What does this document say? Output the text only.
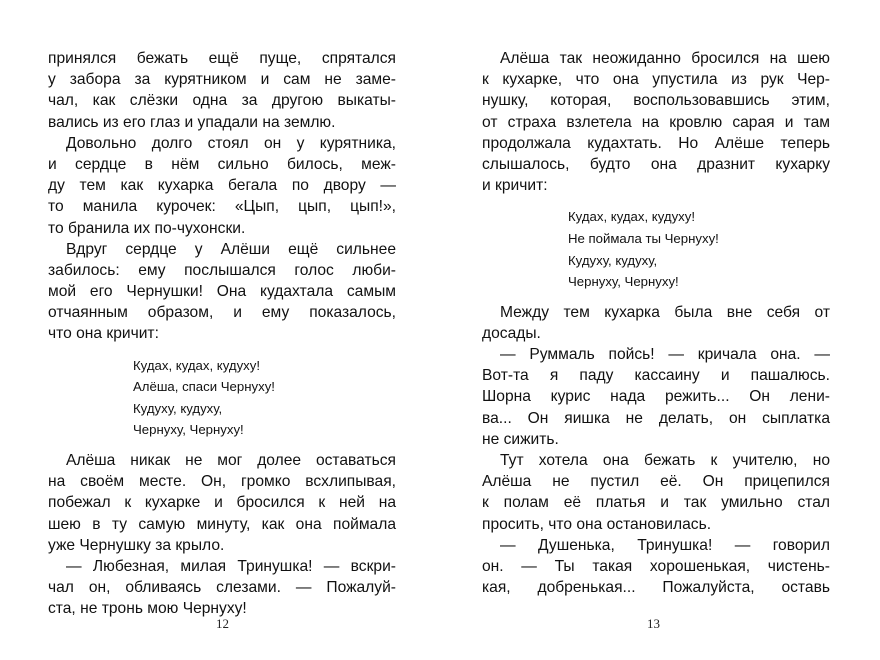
принялся бежать ещё пуще, спрятался
у забора за курятником и сам не заме-
чал, как слёзки одна за другою выкаты-
вались из его глаз и упадали на землю.
Довольно долго стоял он у курятника,
и сердце в нём сильно билось, меж-
ду тем как кухарка бегала по двору —
то манила курочек: «Цып, цып, цып!»,
то бранила их по-чухонски.
Вдруг сердце у Алёши ещё сильнее
забилось: ему послышался голос люби-
мой его Чернушки! Она кудахтала самым
отчаянным образом, и ему показалось,
что она кричит:
Кудах, кудах, кудуху!
Алёша, спаси Чернуху!
Кудуху, кудуху,
Чернуху, Чернуху!
Алёша никак не мог долее оставаться
на своём месте. Он, громко всхлипывая,
побежал к кухарке и бросился к ней на
шею в ту самую минуту, как она поймала
уже Чернушку за крыло.
— Любезная, милая Тринушка! — вскри-
чал он, обливаясь слезами. — Пожалуй-
ста, не тронь мою Чернуху!
Алёша так неожиданно бросился на шею
к кухарке, что она упустила из рук Чер-
нушку, которая, воспользовавшись этим,
от страха взлетела на кровлю сарая и там
продолжала кудахтать. Но Алёше теперь
слышалось, будто она дразнит кухарку
и кричит:
Кудах, кудах, кудуху!
Не поймала ты Чернуху!
Кудуху, кудуху,
Чернуху, Чернуху!
Между тем кухарка была вне себя от
досады.
— Руммаль пойсь! — кричала она. —
Вот-та я паду кассаину и пашалюсь.
Шорна курис нада режить... Он лени-
ва... Он яишка не делать, он сыплатка
не сижить.
Тут хотела она бежать к учителю, но
Алёша не пустил её. Он прицепился
к полам её платья и так умильно стал
просить, что она остановилась.
— Душенька, Тринушка! — говорил
он. — Ты такая хорошенькая, чистень-
кая, добренькая... Пожалуйста, оставь
12	13
